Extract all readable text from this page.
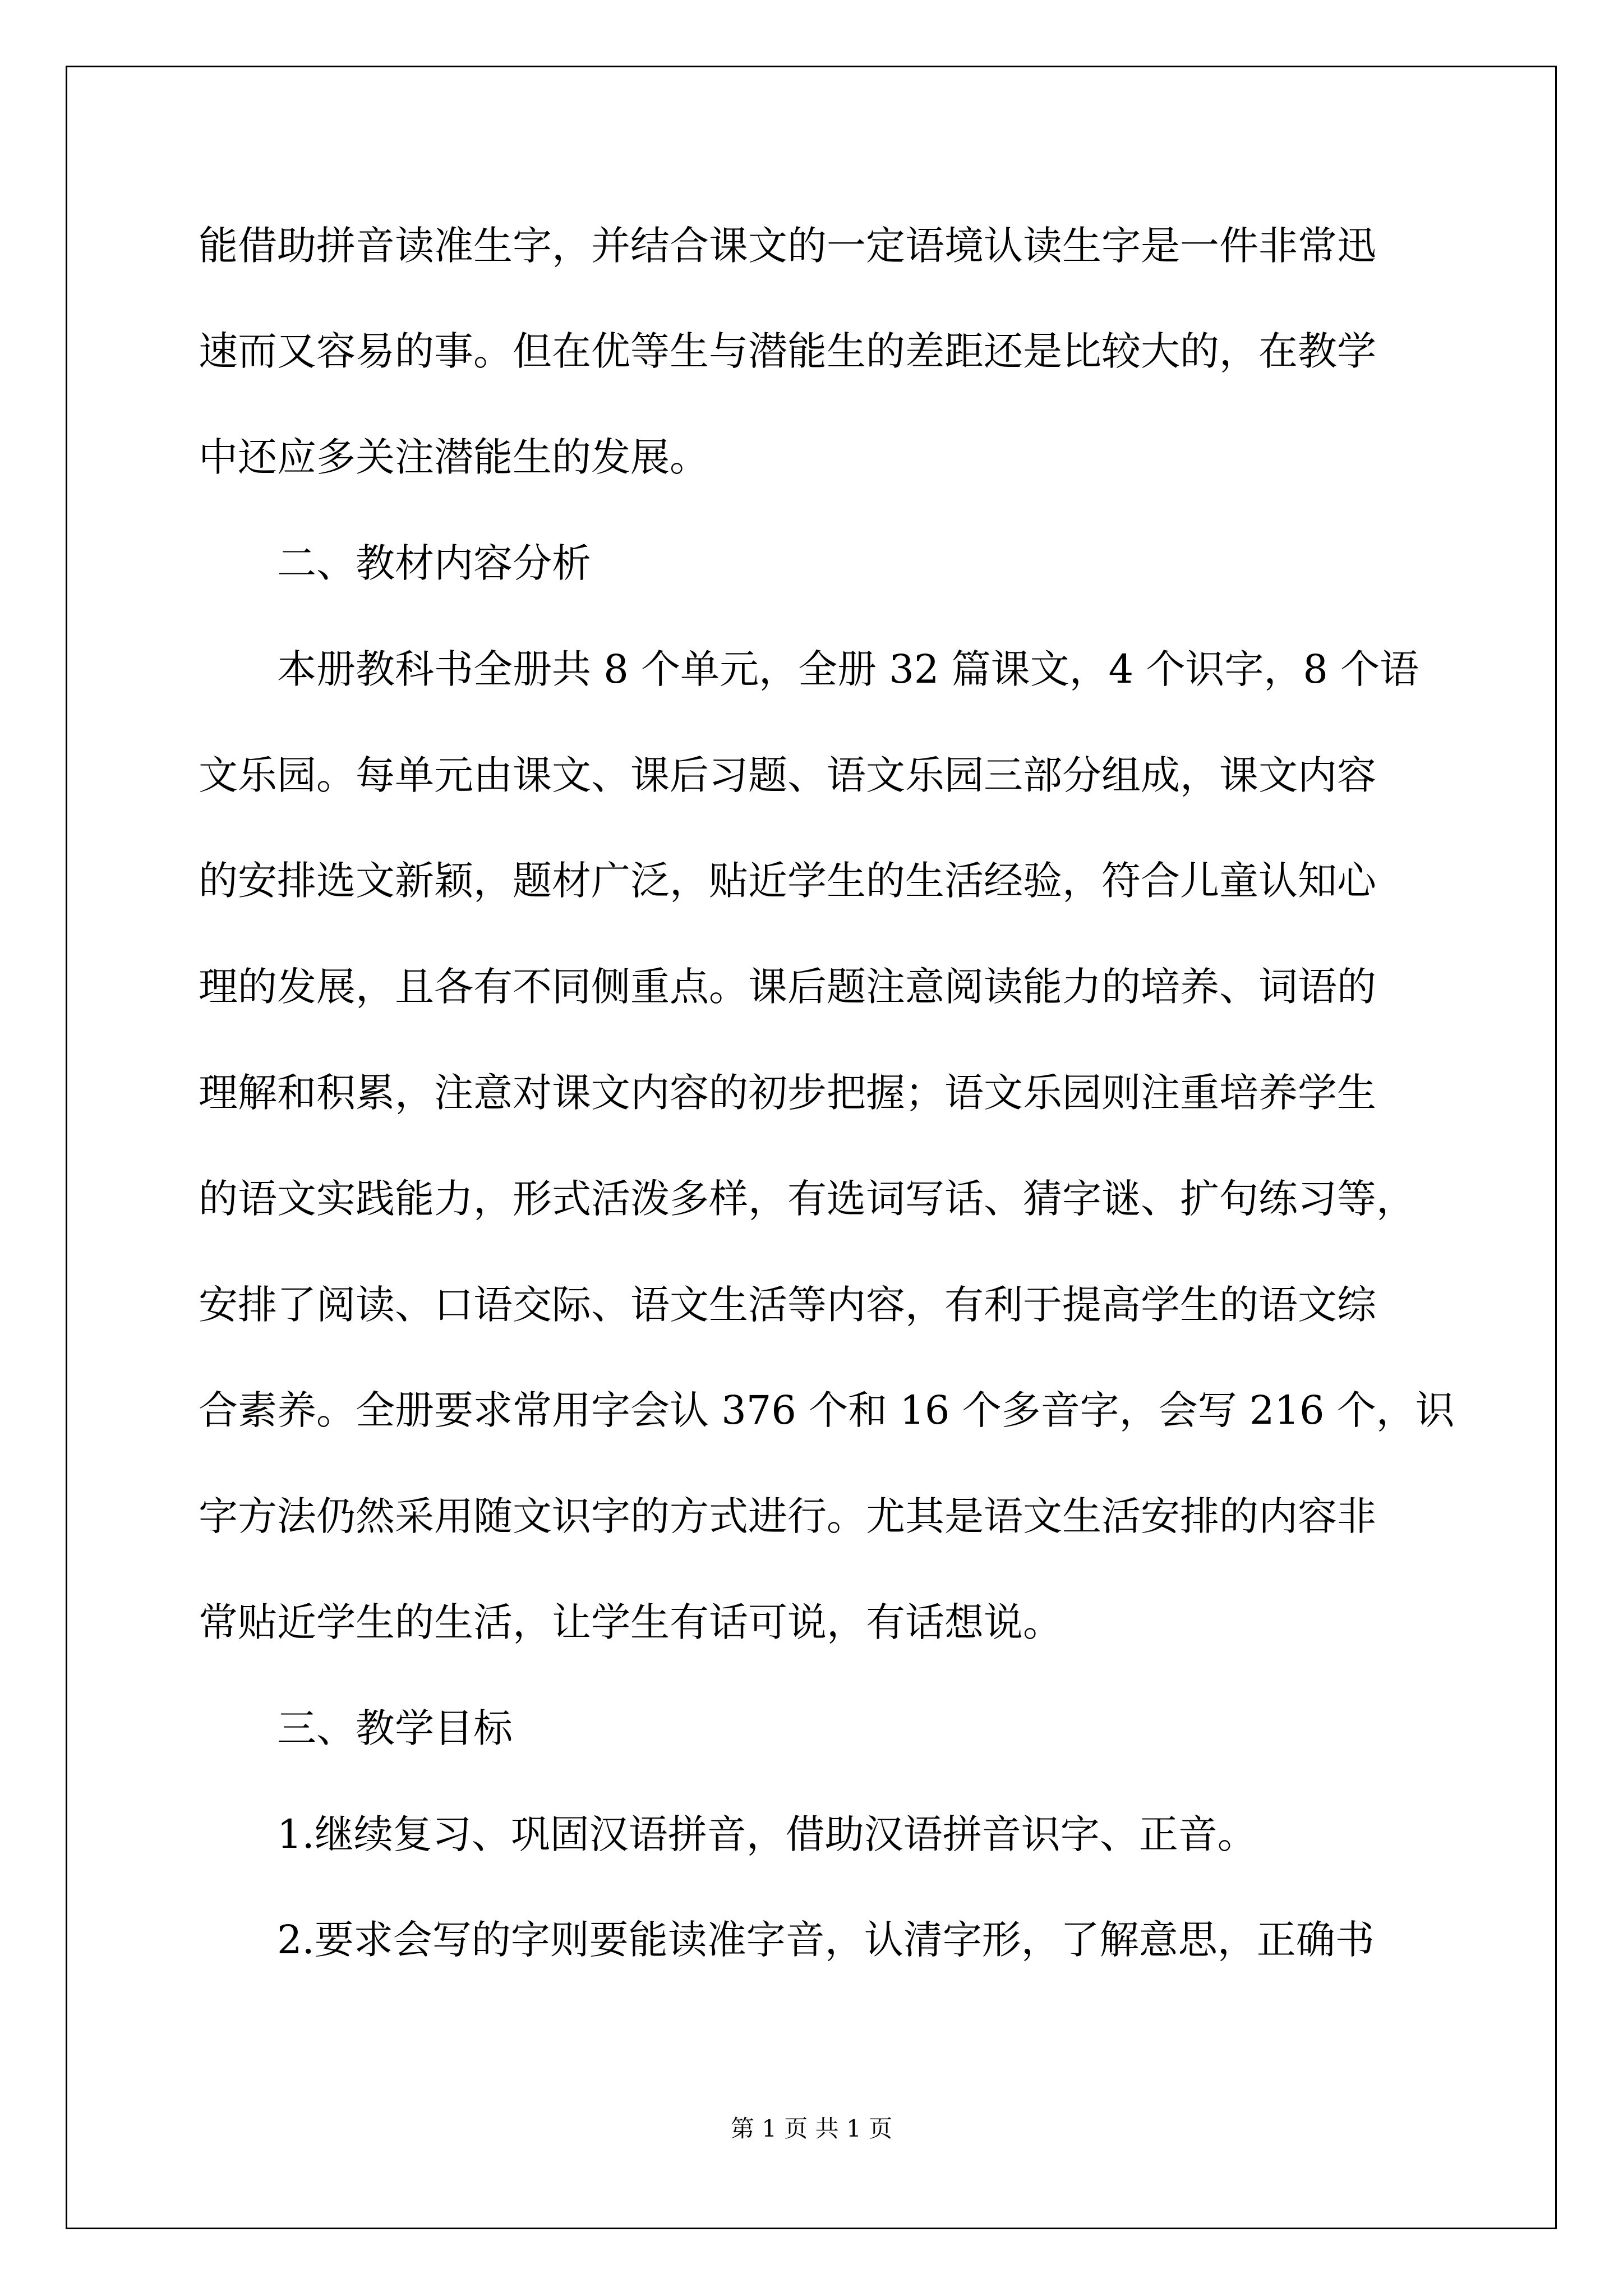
能借助拼音读准生字，并结合课文的一定语境认读生字是一件非常迅
速而又容易的事。但在优等生与潜能生的差距还是比较大的，在教学
中还应多关注潜能生的发展。
二、教材内容分析
本册教科书全册共 8 个单元，全册 32 篇课文，4 个识字，8 个语
文乐园。每单元由课文、课后习题、语文乐园三部分组成，课文内容
的安排选文新颖，题材广泛，贴近学生的生活经验，符合儿童认知心
理的发展，且各有不同侧重点。课后题注意阅读能力的培养、词语的
理解和积累，注意对课文内容的初步把握；语文乐园则注重培养学生
的语文实践能力，形式活泼多样，有选词写话、猜字谜、扩句练习等，
安排了阅读、口语交际、语文生活等内容，有利于提高学生的语文综
合素养。全册要求常用字会认 376 个和 16 个多音字，会写 216 个，识
字方法仍然采用随文识字的方式进行。尤其是语文生活安排的内容非
常贴近学生的生活，让学生有话可说，有话想说。
三、教学目标
1.继续复习、巩固汉语拼音，借助汉语拼音识字、正音。
2.要求会写的字则要能读准字音，认清字形，了解意思，正确书
第 1 页 共 1 页
